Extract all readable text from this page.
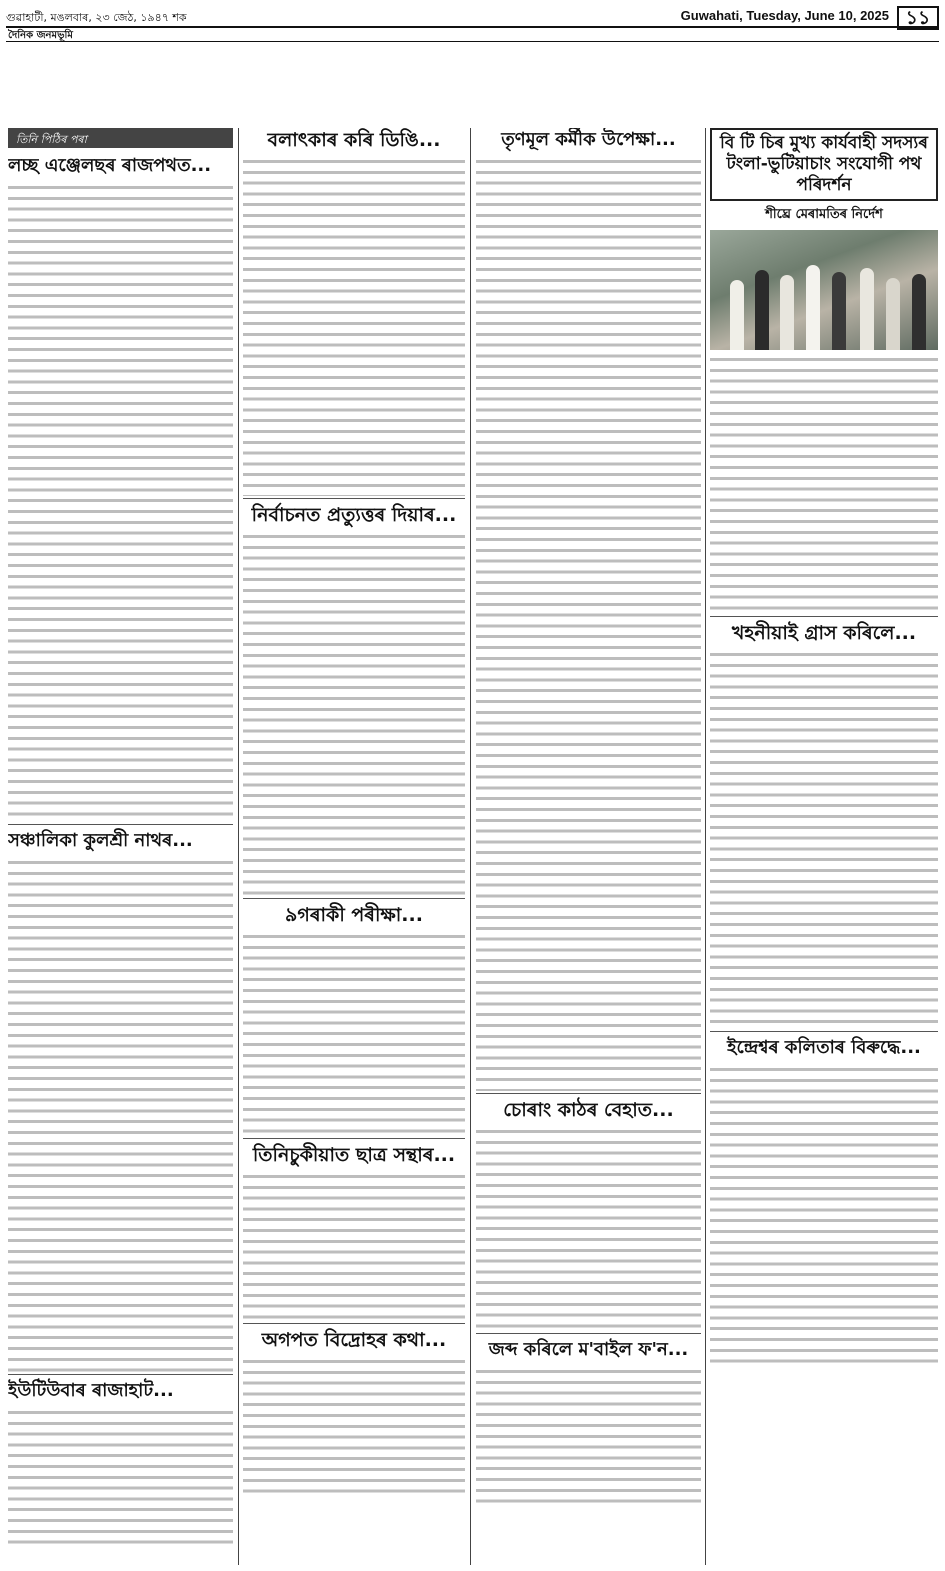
গুৱাহাটী, মঙলবাৰ, ২৩ জেঠ, ১৯৪৭ শক	Guwahati, Tuesday, June 10, 2025 ১১
দৈনিক জনমভূমি
তিনি পিঠিৰ পৰা
লচ্ছ এঞ্জেলছৰ ৰাজপথত...
সঞ্চালিকা কুলশ্ৰী নাথৰ...
ইউটিউবাৰ ৰাজাহাট...
বলাৎকাৰ কৰি ডিঙি...
নিৰ্বাচনত প্ৰত্যুত্তৰ দিয়াৰ...
৯গৰাকী পৰীক্ষা...
তিনিচুকীয়াত ছাত্ৰ সন্থাৰ...
অগপত বিদ্ৰোহৰ কথা...
তৃণমূল কৰ্মীক উপেক্ষা...
চোৰাং কাঠৰ বেহাত...
জব্দ কৰিলে ম'বাইল ফ'ন...
বি টি চিৰ মুখ্য কাৰ্যবাহী সদস্যৰ টংলা-ভুটিয়াচাং সংযোগী পথ পৰিদৰ্শন
শীঘ্ৰে মেৰামতিৰ নিৰ্দেশ
খহনীয়াই গ্ৰাস কৰিলে...
ইন্দ্ৰেশ্বৰ কলিতাৰ বিৰুদ্ধে...
